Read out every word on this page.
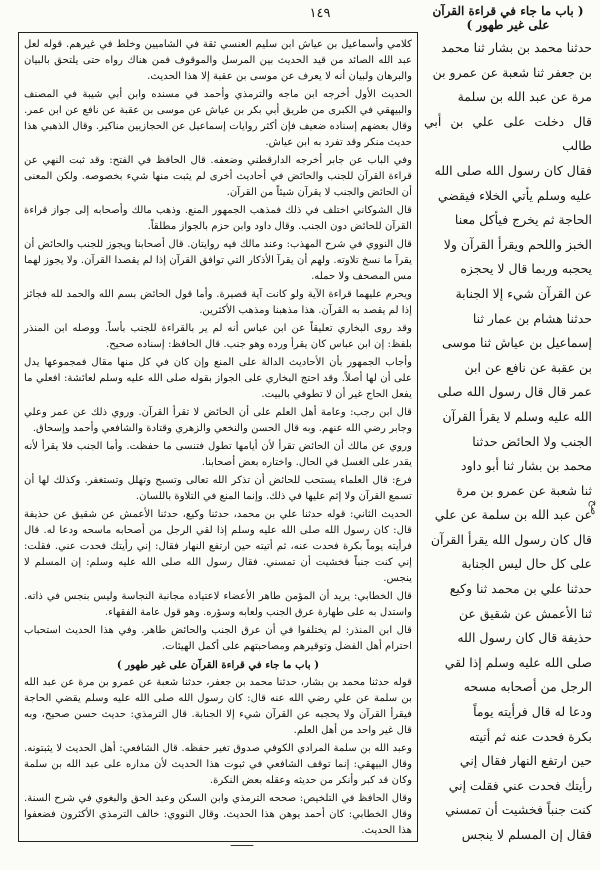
١٤٩

كلامي وأسماعيل بن عياش ابن سليم العنسي ثقة في الشاميين وخلط في غيرهم. قوله لعل عبد الله الصائد من قيد الحديث بين المرسل والموقوف فمن هناك رواه حتى يلتحق بالبيان والبرهان ولبيان أنه لا يعرف عن موسى بن عقبة إلا هذا الحديث.

الحديث الأول أخرجه ابن ماجه والترمذي وأحمد في مسنده وابن أبي شيبة في المصنف والبيهقي في الكبرى من طريق أبي بكر بن عياش عن موسى بن عقبة عن نافع عن ابن عمر. وقال بعضهم إسناده ضعيف فإن أكثر روايات إسماعيل عن الحجازيين مناكير. وقال الذهبي هذا حديث منكر وقد تفرد به ابن عياش.

وفي الباب عن جابر أخرجه الدارقطني وضعفه. قال الحافظ في الفتح: وقد ثبت النهي عن قراءة القرآن للجنب والحائض في أحاديث أخرى لم يثبت منها شيء بخصوصه. ولكن المعنى أن الحائض والجنب لا يقرآن شيئاً من القرآن.

قال الشوكاني اختلف في ذلك فمذهب الجمهور المنع. وذهب مالك وأصحابه إلى جواز قراءة القرآن للحائض دون الجنب. وقال داود وابن حزم بالجواز مطلقاً.

قال النووي في شرح المهذب: وعند مالك فيه روايتان. قال أصحابنا ويجوز للجنب والحائض أن يقرآ ما نسخ تلاوته. ولهم أن يقرآ الأذكار التي توافق القرآن إذا لم يقصدا القرآن. ولا يجوز لهما مس المصحف ولا حمله.

ويحرم عليهما قراءة الآية ولو كانت آية قصيرة. وأما قول الحائض بسم الله والحمد لله فجائز إذا لم يقصد به القرآن. هذا مذهبنا ومذهب الأكثرين.

وقد روى البخاري تعليقاً عن ابن عباس أنه لم ير بالقراءة للجنب بأساً. ووصله ابن المنذر بلفظ: إن ابن عباس كان يقرأ ورده وهو جنب. قال الحافظ: إسناده صحيح.

وأجاب الجمهور بأن الأحاديث الدالة على المنع وإن كان في كل منها مقال فمجموعها يدل على أن لها أصلاً. وقد احتج البخاري على الجواز بقوله صلى الله عليه وسلم لعائشة: افعلي ما يفعل الحاج غير أن لا تطوفي بالبيت.

قال ابن رجب: وعامة أهل العلم على أن الحائض لا تقرأ القرآن. وروي ذلك عن عمر وعلي وجابر رضي الله عنهم. وبه قال الحسن والنخعي والزهري وقتادة والشافعي وأحمد وإسحاق.

وروي عن مالك أن الحائض تقرأ لأن أيامها تطول فتنسى ما حفظت. وأما الجنب فلا يقرأ لأنه يقدر على الغسل في الحال. واختاره بعض أصحابنا.

فرع: قال العلماء يستحب للحائض أن تذكر الله تعالى وتسبح وتهلل وتستغفر. وكذلك لها أن تسمع القرآن ولا إثم عليها في ذلك. وإنما المنع في التلاوة باللسان.

الحديث الثاني: قوله حدثنا علي بن محمد، حدثنا وكيع، حدثنا الأعمش عن شقيق عن حذيفة قال: كان رسول الله صلى الله عليه وسلم إذا لقي الرجل من أصحابه ماسحه ودعا له. قال فرأيته يوماً بكرة فحدت عنه، ثم أتيته حين ارتفع النهار فقال: إني رأيتك فحدت عني. فقلت: إني كنت جنباً فخشيت أن تمسني. فقال رسول الله صلى الله عليه وسلم: إن المسلم لا ينجس.

قال الخطابي: يريد أن المؤمن طاهر الأعضاء لاعتياده مجانبة النجاسة وليس بنجس في ذاته. واستدل به على طهارة عرق الجنب ولعابه وسؤره. وهو قول عامة الفقهاء.

قال ابن المنذر: لم يختلفوا في أن عرق الجنب والحائض طاهر. وفي هذا الحديث استحباب احترام أهل الفضل وتوقيرهم ومصاحبتهم على أكمل الهيئات.

( باب ما جاء في قراءة القرآن على غير طهور )

قوله حدثنا محمد بن بشار، حدثنا محمد بن جعفر، حدثنا شعبة عن عمرو بن مرة عن عبد الله بن سلمة عن علي رضي الله عنه قال: كان رسول الله صلى الله عليه وسلم يقضي الحاجة فيقرأ القرآن ولا يحجبه عن القرآن شيء إلا الجنابة. قال الترمذي: حديث حسن صحيح، وبه قال غير واحد من أهل العلم.

وعبد الله بن سلمة المرادي الكوفي صدوق تغير حفظه. قال الشافعي: أهل الحديث لا يثبتونه. وقال البيهقي: إنما توقف الشافعي في ثبوت هذا الحديث لأن مداره على عبد الله بن سلمة وكان قد كبر وأنكر من حديثه وعقله بعض النكرة.

وقال الحافظ في التلخيص: صححه الترمذي وابن السكن وعبد الحق والبغوي في شرح السنة. وقال الخطابي: كان أحمد يوهن هذا الحديث. وقال النووي: خالف الترمذي الأكثرون فضعفوا هذا الحديث.

( باب ما جاء في قراءة القرآن على غير طهور )
حدثنا محمد بن بشار ثنا محمد
بن جعفر ثنا شعبة عن عمرو بن
مرة عن عبد الله بن سلمة
قال دخلت على علي بن أبي طالب
فقال كان رسول الله صلى الله
عليه وسلم يأتي الخلاء فيقضي
الحاجة ثم يخرج فيأكل معنا
الخبز واللحم ويقرأ القرآن ولا
يحجبه وربما قال لا يحجزه
عن القرآن شيء إلا الجنابة
حدثنا هشام بن عمار ثنا
إسماعيل بن عياش ثنا موسى
بن عقبة عن نافع عن ابن
عمر قال قال رسول الله صلى
الله عليه وسلم لا يقرأ القرآن
الجنب ولا الحائض حدثنا
محمد بن بشار ثنا أبو داود
ثنا شعبة عن عمرو بن مرة
عن عبد الله بن سلمة عن علي
قال كان رسول الله يقرأ القرآن
على كل حال ليس الجنابة
حدثنا علي بن محمد ثنا وكيع
ثنا الأعمش عن شقيق عن
حذيفة قال كان رسول الله
صلى الله عليه وسلم إذا لقي
الرجل من أصحابه مسحه
ودعا له قال فرأيته يوماً
بكرة فحدت عنه ثم أتيته
حين ارتفع النهار فقال إني
رأيتك فحدت عني فقلت إني
كنت جنباً فخشيت أن تمسني
فقال إن المسلم لا ينجس
صح
ـــــــ
